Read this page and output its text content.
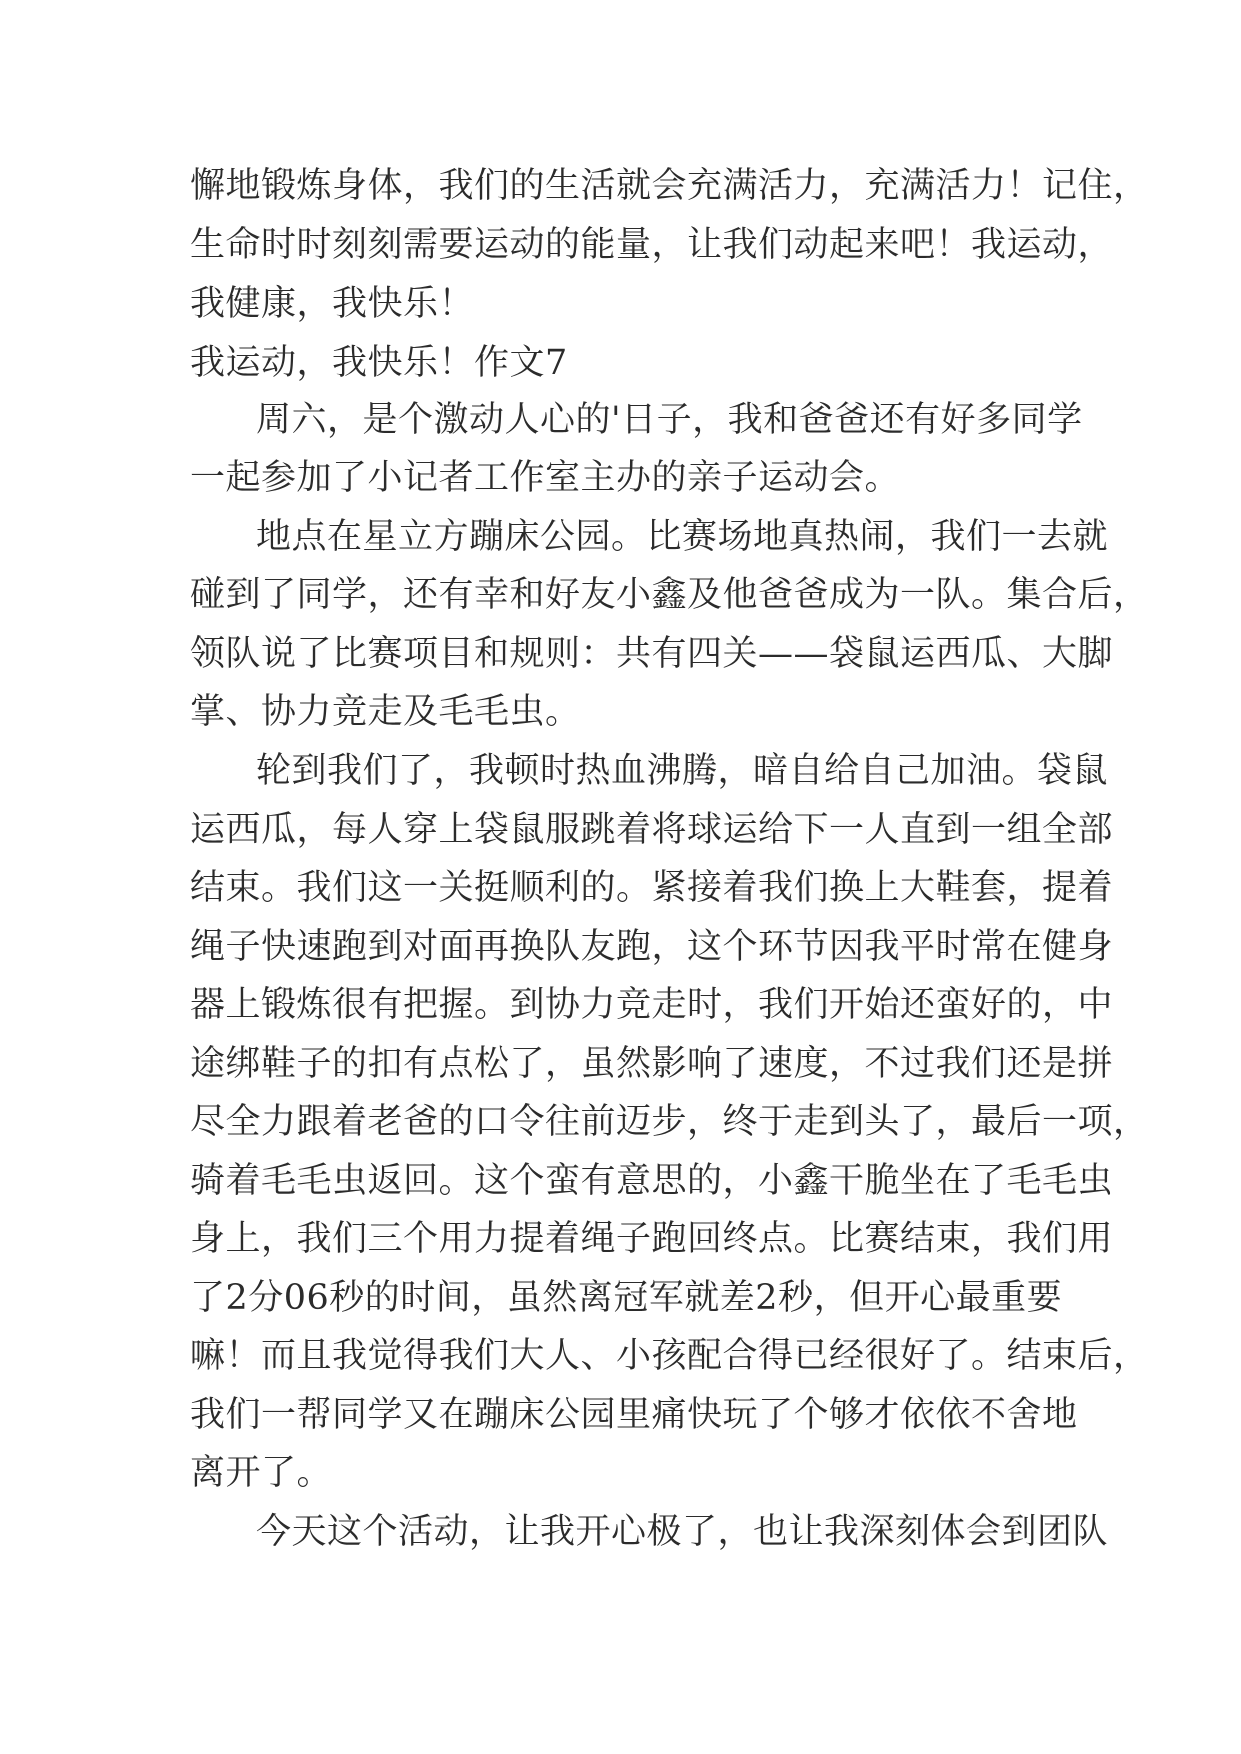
懈地锻炼身体，我们的生活就会充满活力，充满活力！记住，
生命时时刻刻需要运动的能量，让我们动起来吧！我运动，
我健康，我快乐！
我运动，我快乐！作文7
周六，是个激动人心的'日子，我和爸爸还有好多同学
一起参加了小记者工作室主办的亲子运动会。
地点在星立方蹦床公园。比赛场地真热闹，我们一去就
碰到了同学，还有幸和好友小鑫及他爸爸成为一队。集合后，
领队说了比赛项目和规则：共有四关——袋鼠运西瓜、大脚
掌、协力竞走及毛毛虫。
轮到我们了，我顿时热血沸腾，暗自给自己加油。袋鼠
运西瓜，每人穿上袋鼠服跳着将球运给下一人直到一组全部
结束。我们这一关挺顺利的。紧接着我们换上大鞋套，提着
绳子快速跑到对面再换队友跑，这个环节因我平时常在健身
器上锻炼很有把握。到协力竞走时，我们开始还蛮好的，中
途绑鞋子的扣有点松了，虽然影响了速度，不过我们还是拼
尽全力跟着老爸的口令往前迈步，终于走到头了，最后一项，
骑着毛毛虫返回。这个蛮有意思的，小鑫干脆坐在了毛毛虫
身上，我们三个用力提着绳子跑回终点。比赛结束，我们用
了2分06秒的时间，虽然离冠军就差2秒，但开心最重要
嘛！而且我觉得我们大人、小孩配合得已经很好了。结束后，
我们一帮同学又在蹦床公园里痛快玩了个够才依依不舍地
离开了。
今天这个活动，让我开心极了，也让我深刻体会到团队
